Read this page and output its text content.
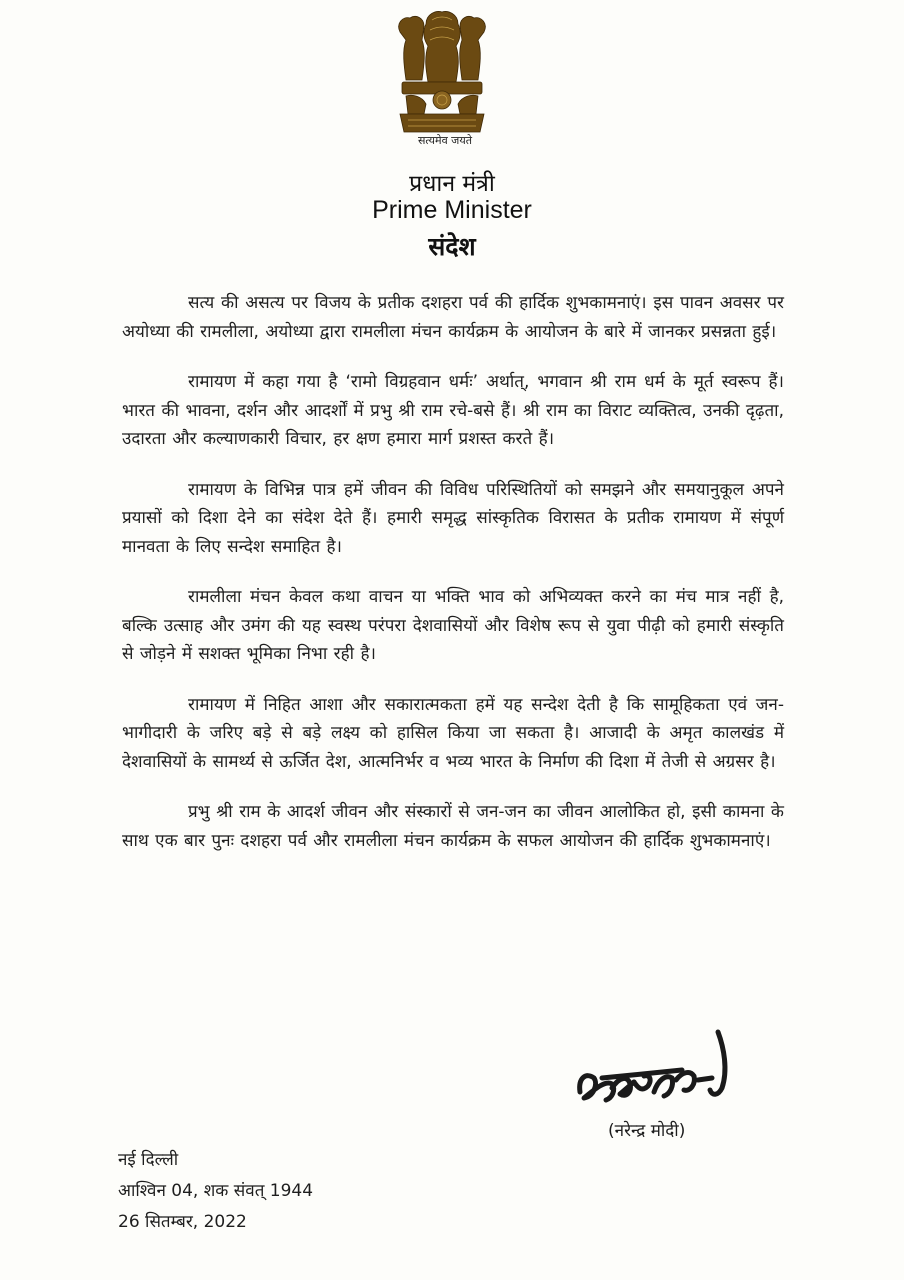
सत्यमेव जयते
प्रधान मंत्री
Prime Minister
संदेश

सत्य की असत्य पर विजय के प्रतीक दशहरा पर्व की हार्दिक शुभकामनाएं। इस पावन अवसर पर अयोध्या की रामलीला, अयोध्या द्वारा रामलीला मंचन कार्यक्रम के आयोजन के बारे में जानकर प्रसन्नता हुई।

रामायण में कहा गया है ‘रामो विग्रहवान धर्मः’ अर्थात्, भगवान श्री राम धर्म के मूर्त स्वरूप हैं। भारत की भावना, दर्शन और आदर्शों में प्रभु श्री राम रचे-बसे हैं। श्री राम का विराट व्यक्तित्व, उनकी दृढ़ता, उदारता और कल्याणकारी विचार, हर क्षण हमारा मार्ग प्रशस्त करते हैं।

रामायण के विभिन्न पात्र हमें जीवन की विविध परिस्थितियों को समझने और समयानुकूल अपने प्रयासों को दिशा देने का संदेश देते हैं। हमारी समृद्ध सांस्कृतिक विरासत के प्रतीक रामायण में संपूर्ण मानवता के लिए सन्देश समाहित है।

रामलीला मंचन केवल कथा वाचन या भक्ति भाव को अभिव्यक्त करने का मंच मात्र नहीं है, बल्कि उत्साह और उमंग की यह स्वस्थ परंपरा देशवासियों और विशेष रूप से युवा पीढ़ी को हमारी संस्कृति से जोड़ने में सशक्त भूमिका निभा रही है।

रामायण में निहित आशा और सकारात्मकता हमें यह सन्देश देती है कि सामूहिकता एवं जन-भागीदारी के जरिए बड़े से बड़े लक्ष्य को हासिल किया जा सकता है। आजादी के अमृत कालखंड में देशवासियों के सामर्थ्य से ऊर्जित देश, आत्मनिर्भर व भव्य भारत के निर्माण की दिशा में तेजी से अग्रसर है।

प्रभु श्री राम के आदर्श जीवन और संस्कारों से जन-जन का जीवन आलोकित हो, इसी कामना के साथ एक बार पुनः दशहरा पर्व और रामलीला मंचन कार्यक्रम के सफल आयोजन की हार्दिक शुभकामनाएं।

(नरेन्द्र मोदी)
नई दिल्ली
आश्विन 04, शक संवत् 1944
26 सितम्बर, 2022
